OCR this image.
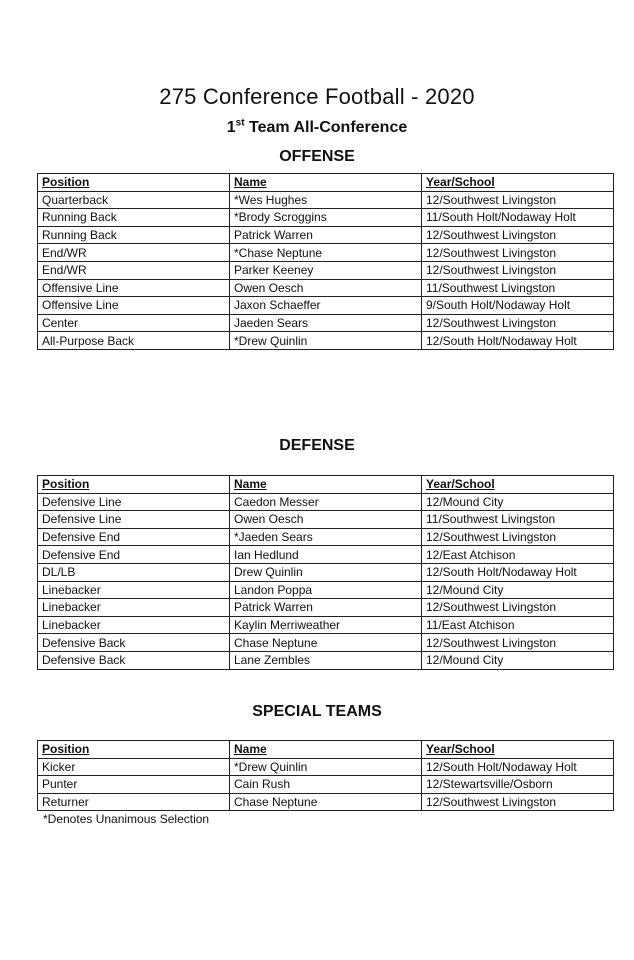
275 Conference Football - 2020
1st Team All-Conference
OFFENSE
Position	Name	Year/School
Quarterback	*Wes Hughes	12/Southwest Livingston
Running Back	*Brody Scroggins	11/South Holt/Nodaway Holt
Running Back	Patrick Warren	12/Southwest Livingston
End/WR	*Chase Neptune	12/Southwest Livingston
End/WR	Parker Keeney	12/Southwest Livingston
Offensive Line	Owen Oesch	11/Southwest Livingston
Offensive Line	Jaxon Schaeffer	9/South Holt/Nodaway Holt
Center	Jaeden Sears	12/Southwest Livingston
All-Purpose Back	*Drew Quinlin	12/South Holt/Nodaway Holt
DEFENSE
Position	Name	Year/School
Defensive Line	Caedon Messer	12/Mound City
Defensive Line	Owen Oesch	11/Southwest Livingston
Defensive End	*Jaeden Sears	12/Southwest Livingston
Defensive End	Ian Hedlund	12/East Atchison
DL/LB	Drew Quinlin	12/South Holt/Nodaway Holt
Linebacker	Landon Poppa	12/Mound City
Linebacker	Patrick Warren	12/Southwest Livingston
Linebacker	Kaylin Merriweather	11/East Atchison
Defensive Back	Chase Neptune	12/Southwest Livingston
Defensive Back	Lane Zembles	12/Mound City
SPECIAL TEAMS
Position	Name	Year/School
Kicker	*Drew Quinlin	12/South Holt/Nodaway Holt
Punter	Cain Rush	12/Stewartsville/Osborn
Returner	Chase Neptune	12/Southwest Livingston
*Denotes Unanimous Selection
